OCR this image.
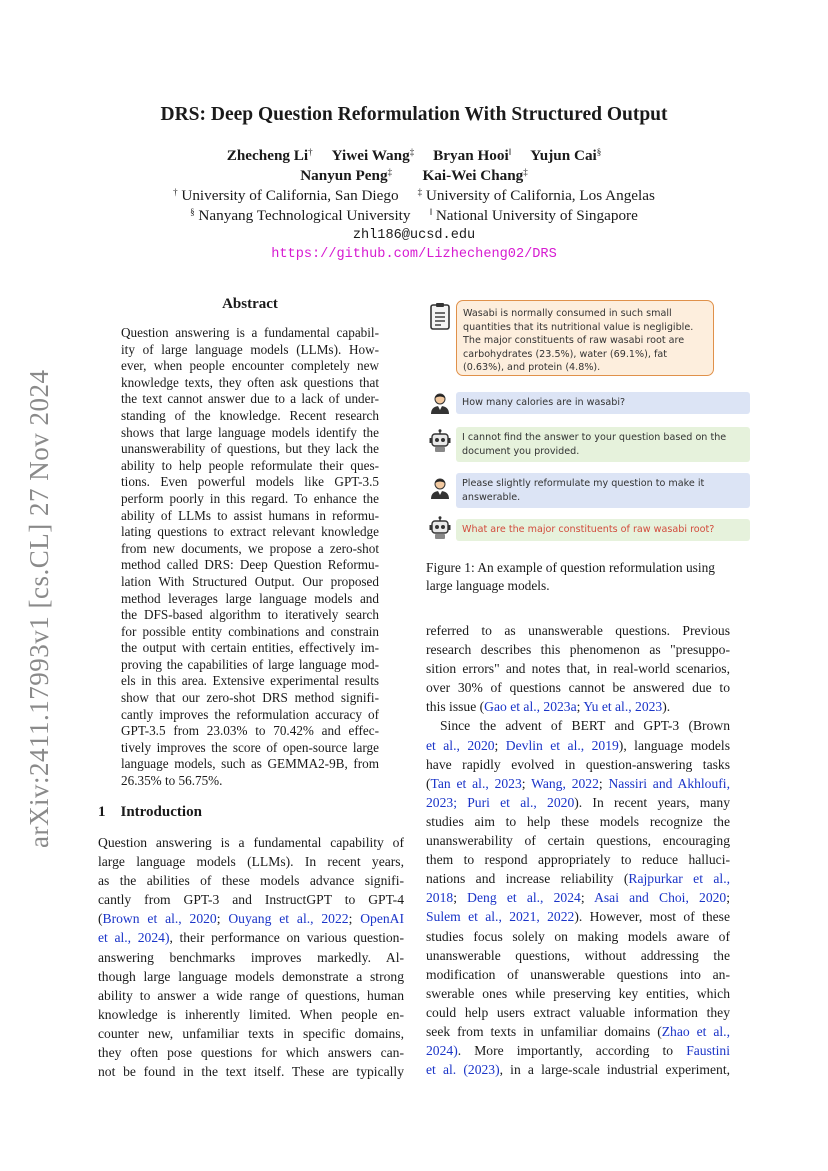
arXiv:2411.17993v1 [cs.CL] 27 Nov 2024
DRS: Deep Question Reformulation With Structured Output
Zhecheng Li† Yiwei Wang‡ Bryan Hooi‖ Yujun Cai§
Nanyun Peng‡ Kai-Wei Chang‡
† University of California, San Diego ‡ University of California, Los Angelas
§ Nanyang Technological University ‖ National University of Singapore
zhl186@ucsd.edu
https://github.com/Lizhecheng02/DRS
Abstract
Question answering is a fundamental capabil-
ity of large language models (LLMs). How-
ever, when people encounter completely new
knowledge texts, they often ask questions that
the text cannot answer due to a lack of under-
standing of the knowledge. Recent research
shows that large language models identify the
unanswerability of questions, but they lack the
ability to help people reformulate their ques-
tions. Even powerful models like GPT-3.5
perform poorly in this regard. To enhance the
ability of LLMs to assist humans in reformu-
lating questions to extract relevant knowledge
from new documents, we propose a zero-shot
method called DRS: Deep Question Reformu-
lation With Structured Output. Our proposed
method leverages large language models and
the DFS-based algorithm to iteratively search
for possible entity combinations and constrain
the output with certain entities, effectively im-
proving the capabilities of large language mod-
els in this area. Extensive experimental results
show that our zero-shot DRS method signifi-
cantly improves the reformulation accuracy of
GPT-3.5 from 23.03% to 70.42% and effec-
tively improves the score of open-source large
language models, such as GEMMA2-9B, from
26.35% to 56.75%.
1 Introduction
Question answering is a fundamental capability of
large language models (LLMs). In recent years,
as the abilities of these models advance signifi-
cantly from GPT-3 and InstructGPT to GPT-4
(Brown et al., 2020; Ouyang et al., 2022; OpenAI
et al., 2024), their performance on various question-
answering benchmarks improves markedly. Al-
though large language models demonstrate a strong
ability to answer a wide range of questions, human
knowledge is inherently limited. When people en-
counter new, unfamiliar texts in specific domains,
they often pose questions for which answers can-
not be found in the text itself. These are typically
Wasabi is normally consumed in such small quantities that its nutritional value is negligible. The major constituents of raw wasabi root are carbohydrates (23.5%), water (69.1%), fat (0.63%), and protein (4.8%).
How many calories are in wasabi?
I cannot find the answer to your question based on the document you provided.
Please slightly reformulate my question to make it answerable.
What are the major constituents of raw wasabi root?
Figure 1: An example of question reformulation using large language models.
referred to as unanswerable questions. Previous
research describes this phenomenon as "presuppo-
sition errors" and notes that, in real-world scenarios,
over 30% of questions cannot be answered due to
this issue (Gao et al., 2023a; Yu et al., 2023).
Since the advent of BERT and GPT-3 (Brown
et al., 2020; Devlin et al., 2019), language models
have rapidly evolved in question-answering tasks
(Tan et al., 2023; Wang, 2022; Nassiri and Akhloufi,
2023; Puri et al., 2020). In recent years, many
studies aim to help these models recognize the
unanswerability of certain questions, encouraging
them to respond appropriately to reduce halluci-
nations and increase reliability (Rajpurkar et al.,
2018; Deng et al., 2024; Asai and Choi, 2020;
Sulem et al., 2021, 2022). However, most of these
studies focus solely on making models aware of
unanswerable questions, without addressing the
modification of unanswerable questions into an-
swerable ones while preserving key entities, which
could help users extract valuable information they
seek from texts in unfamiliar domains (Zhao et al.,
2024). More importantly, according to Faustini
et al. (2023), in a large-scale industrial experiment,
